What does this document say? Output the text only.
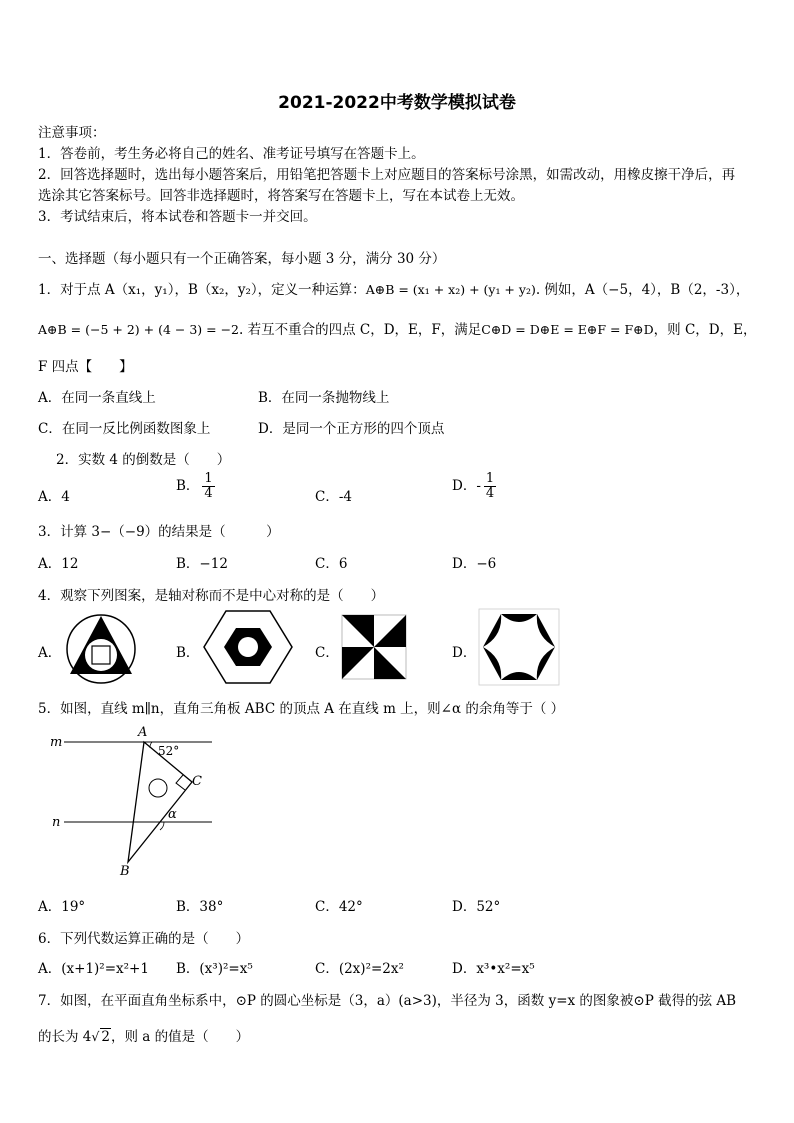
2021-2022中考数学模拟试卷
注意事项：
1．答卷前，考生务必将自己的姓名、准考证号填写在答题卡上。
2．回答选择题时，选出每小题答案后，用铅笔把答题卡上对应题目的答案标号涂黑，如需改动，用橡皮擦干净后，再
选涂其它答案标号。回答非选择题时，将答案写在答题卡上，写在本试卷上无效。
3．考试结束后，将本试卷和答题卡一并交回。
一、选择题（每小题只有一个正确答案，每小题 3 分，满分 30 分）
1．对于点 A（x₁，y₁），B（x₂，y₂），定义一种运算：A⊕B = (x₁ + x₂) + (y₁ + y₂). 例如，A（−5，4），B（2，-3），
A⊕B = (−5 + 2) + (4 − 3) = −2. 若互不重合的四点 C，D，E，F，满足C⊕D = D⊕E = E⊕F = F⊕D，则 C，D，E，
F 四点【　　】
A．在同一条直线上	B．在同一条抛物线上
C．在同一反比例函数图象上	D．是同一个正方形的四个顶点
2．实数 4 的倒数是（　　）
A．4
B． $\frac{1}{4}$	C．-4
D．- $\frac{1}{4}$
3．计算 3−（−9）的结果是（　　　）
A．12	B．−12	C．6	D．−6
4．观察下列图案，是轴对称而不是中心对称的是（　　）
A．	B．	C．	D．
5．如图，直线 m∥n，直角三角板 ABC 的顶点 A 在直线 m 上，则∠α 的余角等于（ ）
m
n
A
B
C
52°
α
A．19°	B．38°	C．42°	D．52°
6．下列代数运算正确的是（　　）
A．(x+1)²=x²+1 B．(x³)²=x⁵	C．(2x)²=2x²	D．x³•x²=x⁵
7．如图，在平面直角坐标系中，⊙P 的圆心坐标是（3，a）(a>3)，半径为 3，函数 y=x 的图象被⊙P 截得的弦 AB
的长为 4√ 2，则 a 的值是（　　）
